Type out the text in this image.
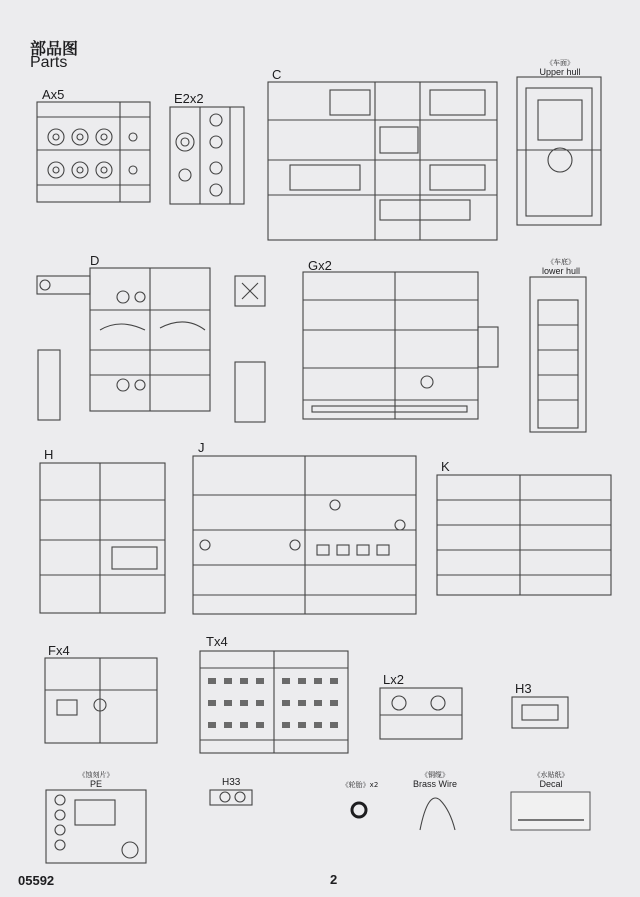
部品图
Parts
Ax5	E2x2
C
D	Gx2
H	J
K
Fx4
Tx4
Lx2
H3
H33
《车面》
Upper hull
《车底》
lower hull
《蚀刻片》
PE	《轮胎》x2
《铜缆》
Brass Wire
《水贴纸》
Decal
05592	2
